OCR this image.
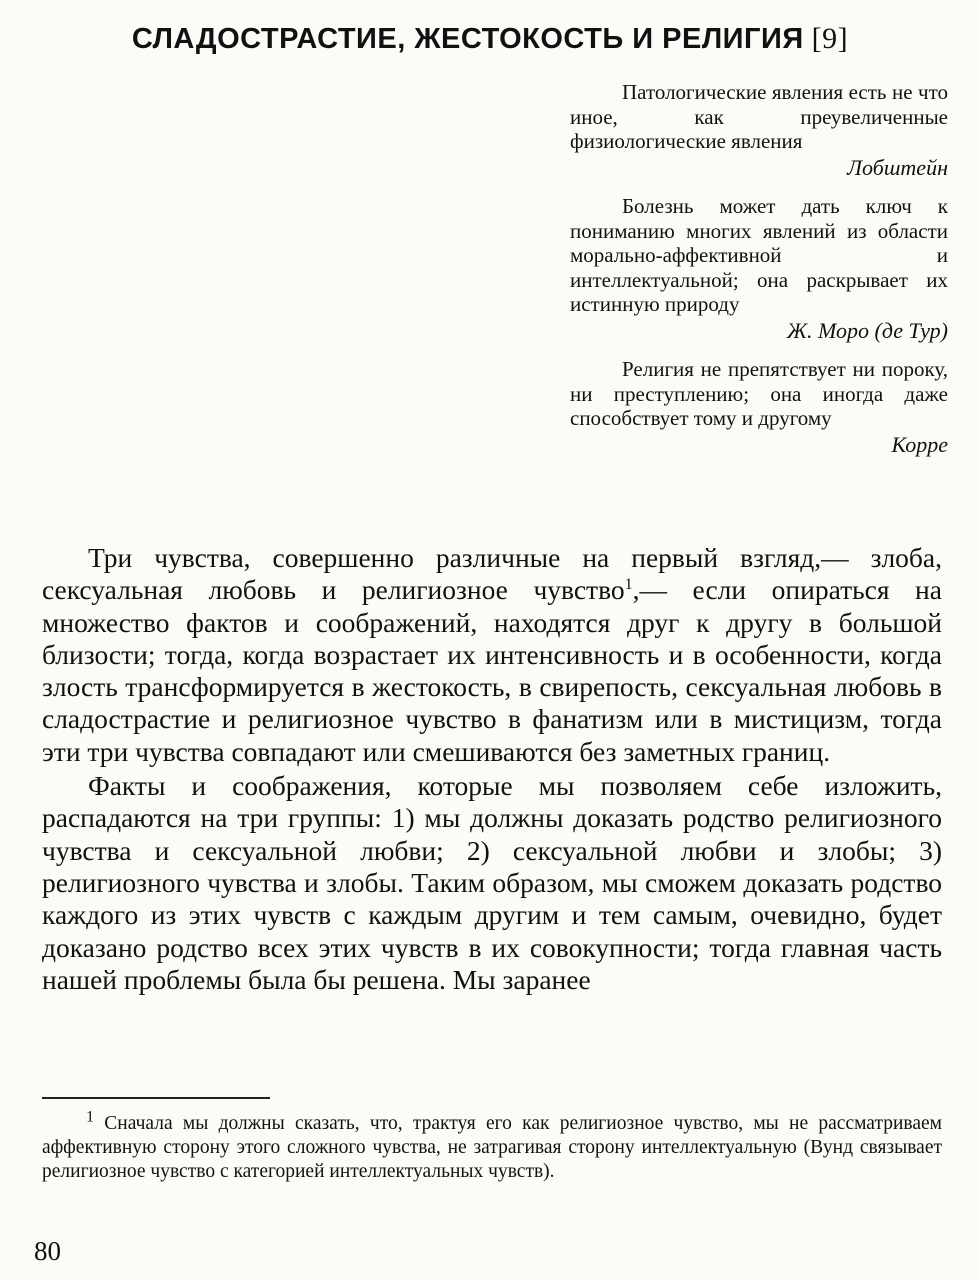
СЛАДОСТРАСТИЕ, ЖЕСТОКОСТЬ И РЕЛИГИЯ [9]

Патологические явления есть не что иное, как преувеличенные физиологические явления

Лобштейн

Болезнь может дать ключ к пониманию многих явлений из области морально-аффективной и интеллектуальной; она раскрывает их истинную природу

Ж. Моро (де Тур)

Религия не препятствует ни пороку, ни преступлению; она иногда даже способствует тому и другому

Корре

Три чувства, совершенно различные на первый взгляд,— злоба, сексуальная любовь и религиозное чувство$^1$,— если опираться на множество фактов и соображений, находятся друг к другу в большой близости; тогда, когда возрастает их интенсивность и в особенности, когда злость трансформируется в жестокость, в свирепость, сексуальная любовь в сладострастие и религиозное чувство в фанатизм или в мистицизм, тогда эти три чувства совпадают или смешиваются без заметных границ.

Факты и соображения, которые мы позволяем себе изложить, распадаются на три группы: 1) мы должны доказать родство религиозного чувства и сексуальной любви; 2) сексуальной любви и злобы; 3) религиозного чувства и злобы. Таким образом, мы сможем доказать родство каждого из этих чувств с каждым другим и тем самым, очевидно, будет доказано родство всех этих чувств в их совокупности; тогда главная часть нашей проблемы была бы решена. Мы заранее

$^1$ Сначала мы должны сказать, что, трактуя его как религиозное чувство, мы не рассматриваем аффективную сторону этого сложного чувства, не затрагивая сторону интеллектуальную (Вунд связывает религиозное чувство с категорией интеллектуальных чувств).

80
